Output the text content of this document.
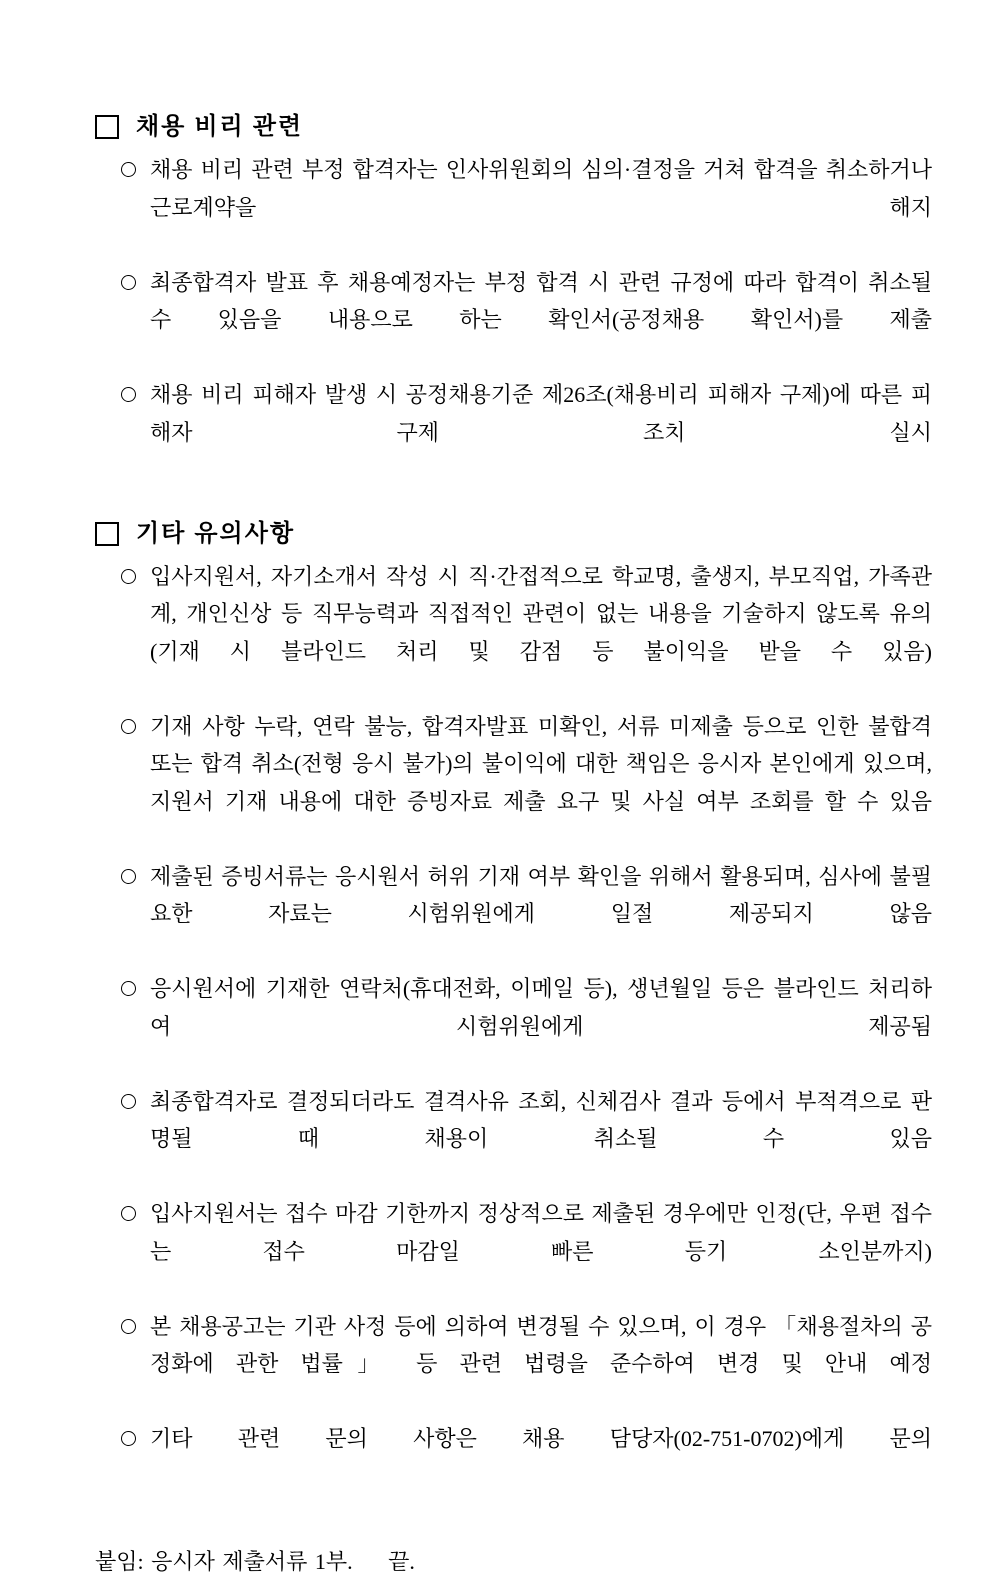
채용 비리 관련
채용 비리 관련 부정 합격자는 인사위원회의 심의·결정을 거쳐 합격을 취소하거나 근로계약을 해지
최종합격자 발표 후 채용예정자는 부정 합격 시 관련 규정에 따라 합격이 취소될 수 있음을 내용으로 하는 확인서(공정채용 확인서)를 제출
채용 비리 피해자 발생 시 공정채용기준 제26조(채용비리 피해자 구제)에 따른 피해자 구제 조치 실시
기타 유의사항
입사지원서, 자기소개서 작성 시 직·간접적으로 학교명, 출생지, 부모직업, 가족관계, 개인신상 등 직무능력과 직접적인 관련이 없는 내용을 기술하지 않도록 유의(기재 시 블라인드 처리 및 감점 등 불이익을 받을 수 있음)
기재 사항 누락, 연락 불능, 합격자발표 미확인, 서류 미제출 등으로 인한 불합격 또는 합격 취소(전형 응시 불가)의 불이익에 대한 책임은 응시자 본인에게 있으며, 지원서 기재 내용에 대한 증빙자료 제출 요구 및 사실 여부 조회를 할 수 있음
제출된 증빙서류는 응시원서 허위 기재 여부 확인을 위해서 활용되며, 심사에 불필요한 자료는 시험위원에게 일절 제공되지 않음
응시원서에 기재한 연락처(휴대전화, 이메일 등), 생년월일 등은 블라인드 처리하여 시험위원에게 제공됨
최종합격자로 결정되더라도 결격사유 조회, 신체검사 결과 등에서 부적격으로 판명될 때 채용이 취소될 수 있음
입사지원서는 접수 마감 기한까지 정상적으로 제출된 경우에만 인정(단, 우편 접수는 접수 마감일 빠른 등기 소인분까지)
본 채용공고는 기관 사정 등에 의하여 변경될 수 있으며, 이 경우 「채용절차의 공정화에 관한 법률」 등 관련 법령을 준수하여 변경 및 안내 예정
기타 관련 문의 사항은 채용 담당자(02-751-0702)에게 문의

붙임: 응시자 제출서류 1부. 끝.
